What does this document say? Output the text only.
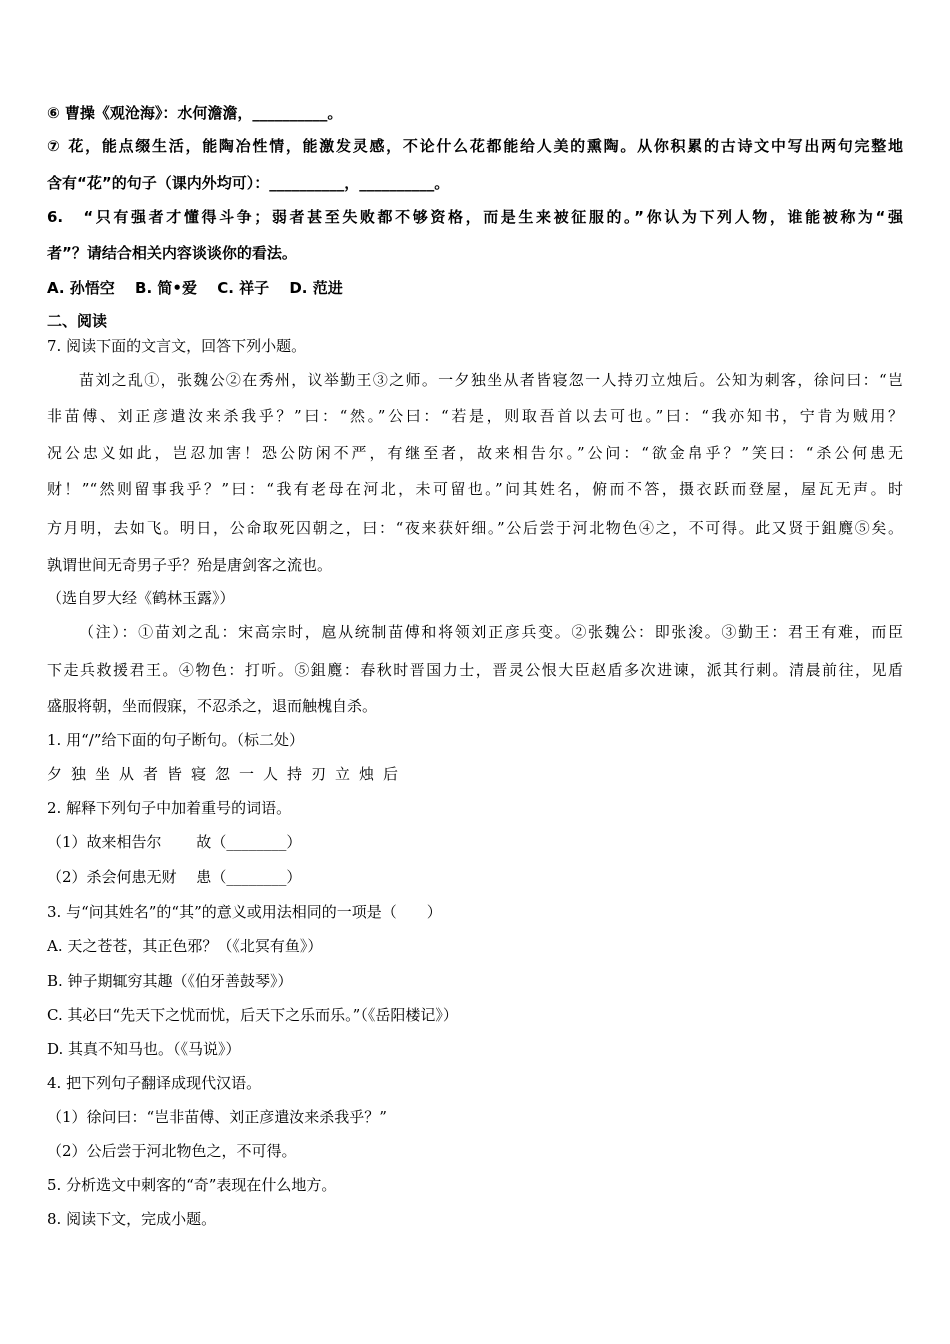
⑥ 曹操《观沧海》：水何澹澹，__________。
⑦ 花，能点缀生活，能陶冶性情，能激发灵感，不论什么花都能给人美的熏陶。从你积累的古诗文中写出两句完整地
含有“花”的句子（课内外均可）：__________，__________。
6.　“只有强者才懂得斗争；弱者甚至失败都不够资格，而是生来被征服的。”你认为下列人物，谁能被称为“强
者”？请结合相关内容谈谈你的看法。
A. 孙悟空　 B. 简•爱　 C. 祥子　 D. 范进
二、阅读
7. 阅读下面的文言文，回答下列小题。
苗刘之乱①，张魏公②在秀州，议举勤王③之师。一夕独坐从者皆寝忽一人持刃立烛后。公知为刺客，徐问曰：“岂
非苗傅、刘正彦遣汝来杀我乎？”曰：“然。”公曰：“若是，则取吾首以去可也。”曰：“我亦知书，宁肯为贼用？
况公忠义如此，岂忍加害！恐公防闲不严，有继至者，故来相告尔。”公问：“欲金帛乎？”笑曰：“杀公何患无
财！”“然则留事我乎？”曰：“我有老母在河北，未可留也。”问其姓名，俯而不答，摄衣跃而登屋，屋瓦无声。时
方月明，去如飞。明日，公命取死囚朝之，曰：“夜来获奸细。”公后尝于河北物色④之，不可得。此又贤于鉏麑⑤矣。
孰谓世间无奇男子乎？殆是唐剑客之流也。
（选自罗大经《鹤林玉露》）
（注）：①苗刘之乱：宋高宗时，扈从统制苗傅和将领刘正彦兵变。②张魏公：即张浚。③勤王：君王有难，而臣
下走兵救援君王。④物色：打听。⑤鉏麑：春秋时晋国力士，晋灵公恨大臣赵盾多次进谏，派其行刺。清晨前往，见盾
盛服将朝，坐而假寐，不忍杀之，退而触槐自杀。
1. 用“/”给下面的句子断句。（标二处）
夕独坐从者皆寝忽一人持刃立烛后
2. 解释下列句子中加着重号的词语。
（1）故来相告尔　　 故（________）
（2）杀会何患无财　 患（________）
3. 与“问其姓名”的“其”的意义或用法相同的一项是（　　）
A. 天之苍苍，其正色邪？（《北冥有鱼》）
B. 钟子期辄穷其趣（《伯牙善鼓琴》）
C. 其必曰“先天下之忧而忧，后天下之乐而乐。”（《岳阳楼记》）
D. 其真不知马也。（《马说》）
4. 把下列句子翻译成现代汉语。
（1）徐问曰：“岂非苗傅、刘正彦遣汝来杀我乎？”
（2）公后尝于河北物色之，不可得。
5. 分析选文中刺客的“奇”表现在什么地方。
8. 阅读下文，完成小题。
